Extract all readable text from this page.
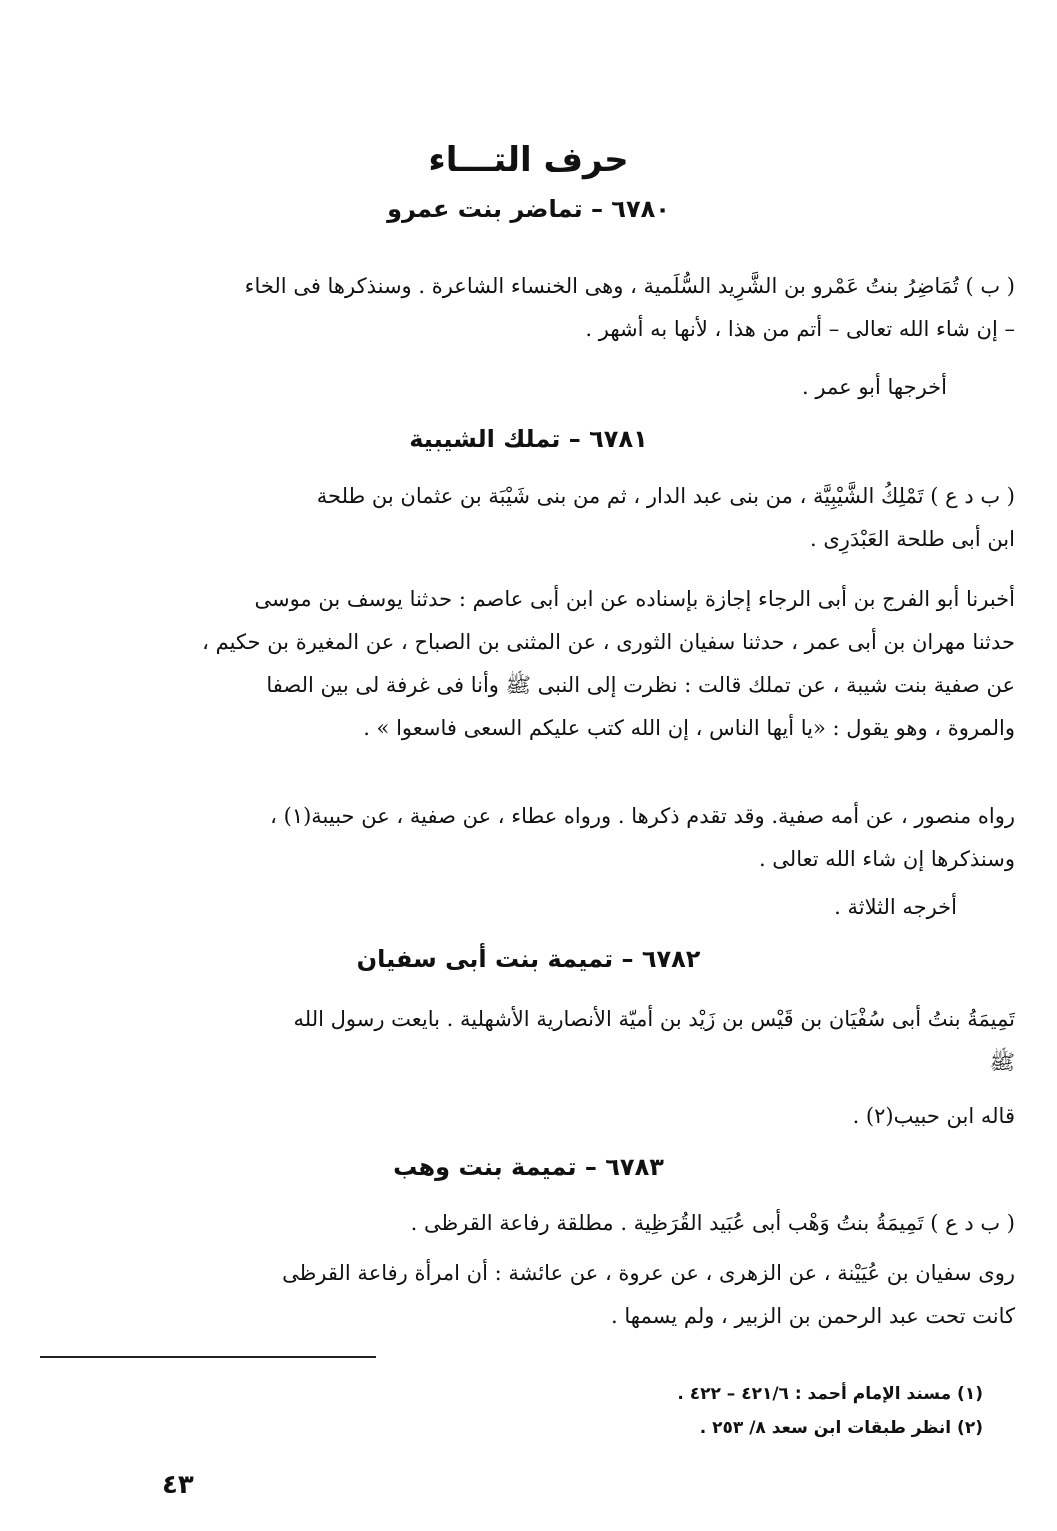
حرف التـــاء
٦٧٨٠ – تماضر بنت عمرو
( ب ) تُمَاضِرُ بنتُ عَمْرو بن الشَّرِيد السُّلَمية ، وهى الخنساء الشاعرة . وسنذكرها فى الخاء
– إن شاء الله تعالى – أتم من هذا ، لأنها به أشهر .
أخرجها أبو عمر .
٦٧٨١ – تملك الشيبية
( ب د ع ) تَمْلِكُ الشَّيْبِيَّة ، من بنى عبد الدار ، ثم من بنى شَيْبَة بن عثمان بن طلحة
ابن أبى طلحة العَبْدَرِى .
أخبرنا أبو الفرج بن أبى الرجاء إجازة بإسناده عن ابن أبى عاصم : حدثنا يوسف بن موسى
حدثنا مهران بن أبى عمر ، حدثنا سفيان الثورى ، عن المثنى بن الصباح ، عن المغيرة بن حكيم ،
عن صفية بنت شيبة ، عن تملك قالت : نظرت إلى النبى ﷺ وأنا فى غرفة لى بين الصفا
والمروة ، وهو يقول : «يا أيها الناس ، إن الله كتب عليكم السعى فاسعوا » .
رواه منصور ، عن أمه صفية. وقد تقدم ذكرها . ورواه عطاء ، عن صفية ، عن حبيبة(١) ،
وسنذكرها إن شاء الله تعالى .
أخرجه الثلاثة .
٦٧٨٢ – تميمة بنت أبى سفيان
تَمِيمَةُ بنتُ أبى سُفْيَان بن قَيْس بن زَيْد بن أميّة الأنصارية الأشهلية . بايعت رسول الله
ﷺ
قاله ابن حبيب(٢) .
٦٧٨٣ – تميمة بنت وهب
( ب د ع ) تَمِيمَةُ بنتُ وَهْب أبى عُبَيد القُرَظِية . مطلقة رفاعة القرظى .
روى سفيان بن عُيَيْنة ، عن الزهرى ، عن عروة ، عن عائشة : أن امرأة رفاعة القرظى
كانت تحت عبد الرحمن بن الزبير ، ولم يسمها .
(١) مسند الإمام أحمد : ٤٢١/٦ – ٤٢٢ .
(٢) انظر طبقات ابن سعد ٨/ ٢٥٣ .
٤٣
